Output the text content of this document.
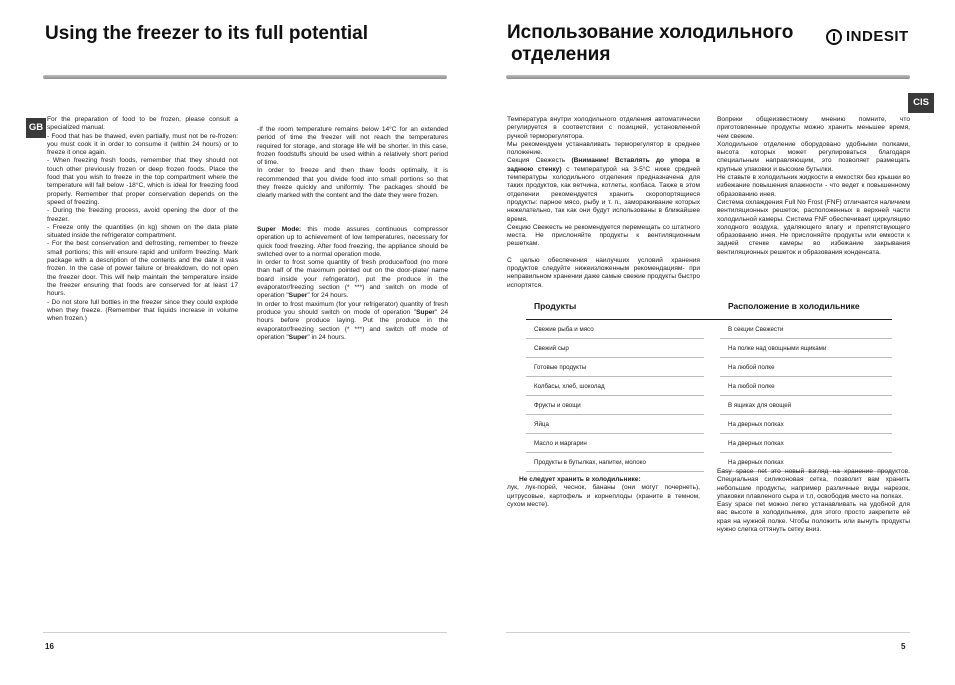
Using the freezer to its full potential
GB

For the preparation of food to be frozen, please consult a specialized manual.

- Food that has be thawed, even partially, must not be re-frozen: you must cook it in order to consume it (within 24 hours) or to freeze it once again.

- When freezing fresh foods, remember that they should not touch other previously frozen or deep frozen foods. Place the food that you wish to freeze in the top compartment where the temperature will fall below -18°C, which is ideal for freezing food properly. Remember that proper conservation depends on the speed of freezing.

- During the freezing process, avoid opening the door of the freezer.

- Freeze only the quantities (in kg) shown on the data plate situated inside the refrigerator compartment.

- For the best conservation and defrosting, remember to freeze small portions; this will ensure rapid and uniform freezing. Mark package with a description of the contents and the date it was frozen. In the case of power failure or breakdown, do not open the freezer door. This will help maintain the temperature inside the freezer ensuring that foods are conserved for at least 17 hours.

- Do not store full bottles in the freezer since they could explode when they freeze. (Remember that liquids increase in volume when frozen.)

-If the room temperature remains below 14°C for an extended period of time the freezer will not reach the temperatures required for storage, and storage life will be shorter. In this case, frozen foodstuffs should be used within a relatively short period of time.

In order to freeze and then thaw foods optimally, it is recommended that you divide food into small portions so that they freeze quickly and uniformly. The packages should be clearly marked with the content and the date they were frozen.

Super Mode: this mode assures continuous compressor operation up to achievement of low temperatures, necessary for quick food freezing. After food freezing, the appliance should be switched over to a normal operation mode.

In order to frost some quantity of fresh produce/food (no more than half of the maximum pointed out on the door-plate/ name board inside your refrigerator), put the produce in the evaporator/freezing section (* ***) and switch on mode of operation "Super" for 24 hours.

In order to frost maximum (for your refrigerator) quantity of fresh produce you should switch on mode of operation "Super" 24 hours before produce laying. Put the produce in the evaporator/freezing section (* ***) and switch off mode of operation "Super" in 24 hours.

16
Использование холодильного
отделения
INDESIT
CIS

Температура внутри холодильного отделения автоматически регулируется в соответствии с позицией, установленной ручкой терморегулятора.

Мы рекомендуем устанавливать терморегулятор в среднее положение.

Секция Свежесть (Внимание! Вставлять до упора в заднюю стенку) с температурой на 3-5°С ниже средней температуры холодильного отделения предназначена для таких продуктов, как ветчина, котлеты, колбаса. Также в этом отделении рекомендуется хранить скоропортящиеся продукты: парное мясо, рыбу и т. п., замораживание которых нежелательно, так как они будут использованы в ближайшее время.

Секцию Свежесть не рекомендуется перемещать со штатного места. Не прислоняйте продукты к вентиляционным решеткам.

С целью обеспечения наилучших условий хранения продуктов следуйте нижеизложенным рекомендациям- при неправильном хранении даже самые свежие продукты быстро испортятся.

Вопреки общеизвестному мнению помните, что приготовленные продукты можно хранить меньшее время, чем свежие.

Холодильное отделение оборудовано удобными полками, высота которых может регулироваться благодаря специальным направляющим, это позволяет размещать крупные упаковки и высокие бутылки.

Не ставьте в холодильник жидкости в емкостях без крышки во избежание повышения влажности - что ведет к повышенному образованию инея.

Система охлаждения Full No Frost (FNF) отличается наличием вентиляционных решеток, расположенных в верхней части холодильной камеры. Система FNF обеспечивает циркуляцию холодного воздуха, удаляющего влагу и препятствующего образованию инея. Не прислоняйте продукты или емкости к задней стенке камеры во избежание закрывания вентиляционных решеток и образования конденсата.

Продукты		Расположение в холодильнике
Свежие рыба и мясо		В секции Свежести
Свежий сыр		На полке над овощными ящиками
Готовые продукты		На любой полке
Колбасы, хлеб, шоколад		На любой полке
Фрукты и овощи		В ящиках для овощей
Яйца		На дверных полках
Масло и маргарин		На дверных полках
Продукты в бутылках, напитки, молоко		На дверных полках

Не следует хранить в холодильнике:

лук, лук-порей, чеснок, бананы (они могут почернеть), цитрусовые, картофель и корнеплоды (храните в темном, сухом месте).

Easy space net это новый взгляд на хранение продуктов. Специальная силиконовая сетка, позволит вам хранить небольшие продукты, например различные виды нарезок, упаковки плавленого сыра и т.п, освободив место на полках.

Easy space net можно легко устанавливать на удобной для вас высоте в холодильнике, для этого просто закрепите её края на нужной полке. Чтобы положить или вынуть продукты нужно слегка оттянуть сетку вниз.

5
